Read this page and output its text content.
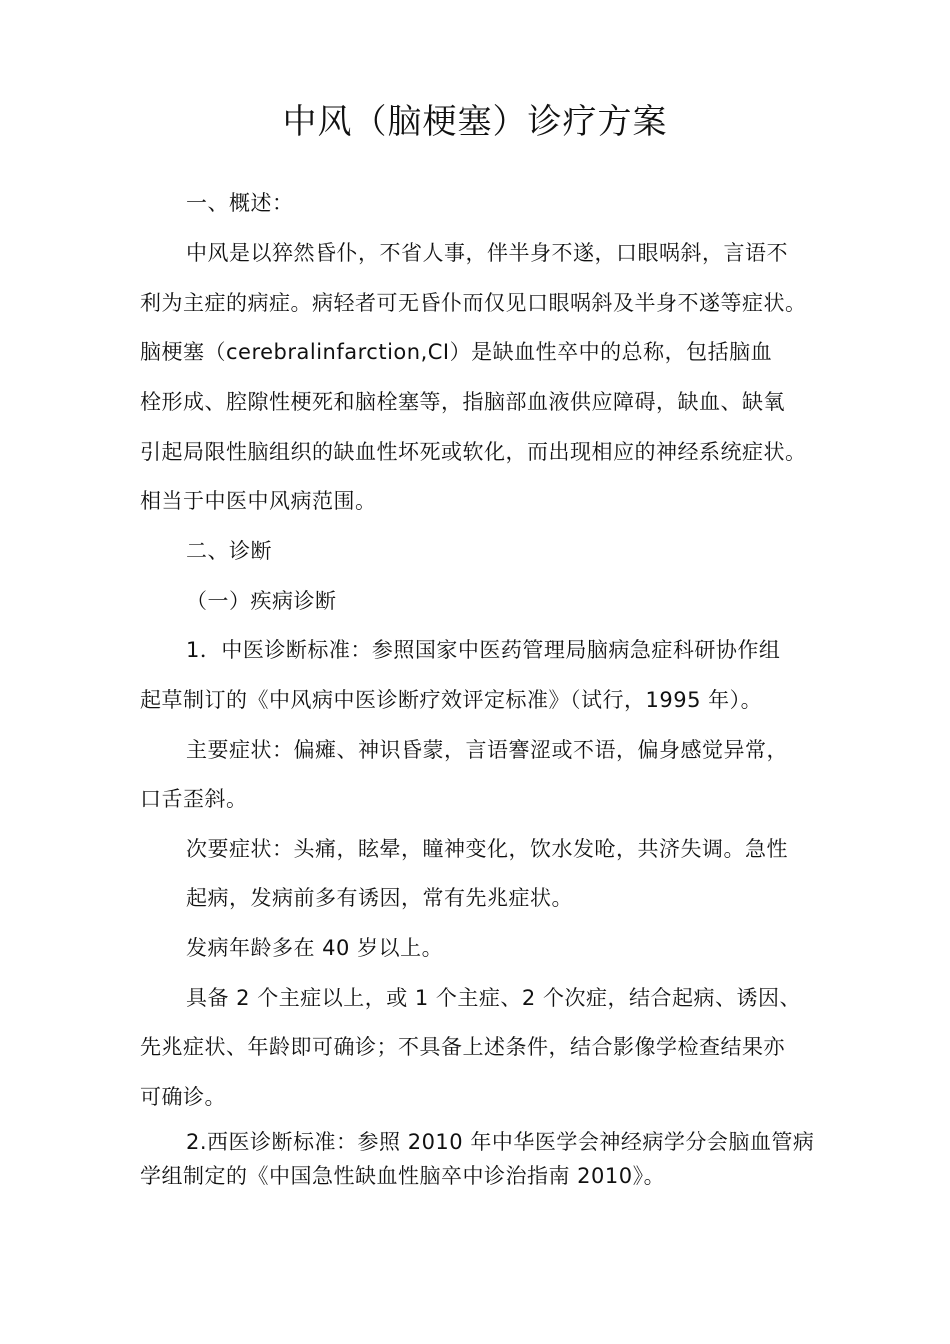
中风（脑梗塞）诊疗方案
一、概述：
中风是以猝然昏仆，不省人事，伴半身不遂，口眼㖞斜，言语不
利为主症的病症。病轻者可无昏仆而仅见口眼㖞斜及半身不遂等症状。
脑梗塞（cerebralinfarction,CI）是缺血性卒中的总称，包括脑血
栓形成、腔隙性梗死和脑栓塞等，指脑部血液供应障碍，缺血、缺氧
引起局限性脑组织的缺血性坏死或软化，而出现相应的神经系统症状。
相当于中医中风病范围。
二、诊断
（一）疾病诊断
1．中医诊断标准：参照国家中医药管理局脑病急症科研协作组
起草制订的《中风病中医诊断疗效评定标准》（试行，1995 年）。
主要症状：偏瘫、神识昏蒙，言语謇涩或不语，偏身感觉异常，
口舌歪斜。
次要症状：头痛，眩晕，瞳神变化，饮水发呛，共济失调。急性
起病，发病前多有诱因，常有先兆症状。
发病年龄多在 40 岁以上。
具备 2 个主症以上，或 1 个主症、2 个次症，结合起病、诱因、
先兆症状、年龄即可确诊；不具备上述条件，结合影像学检查结果亦
可确诊。
2.西医诊断标准：参照 2010 年中华医学会神经病学分会脑血管病
学组制定的《中国急性缺血性脑卒中诊治指南 2010》。
